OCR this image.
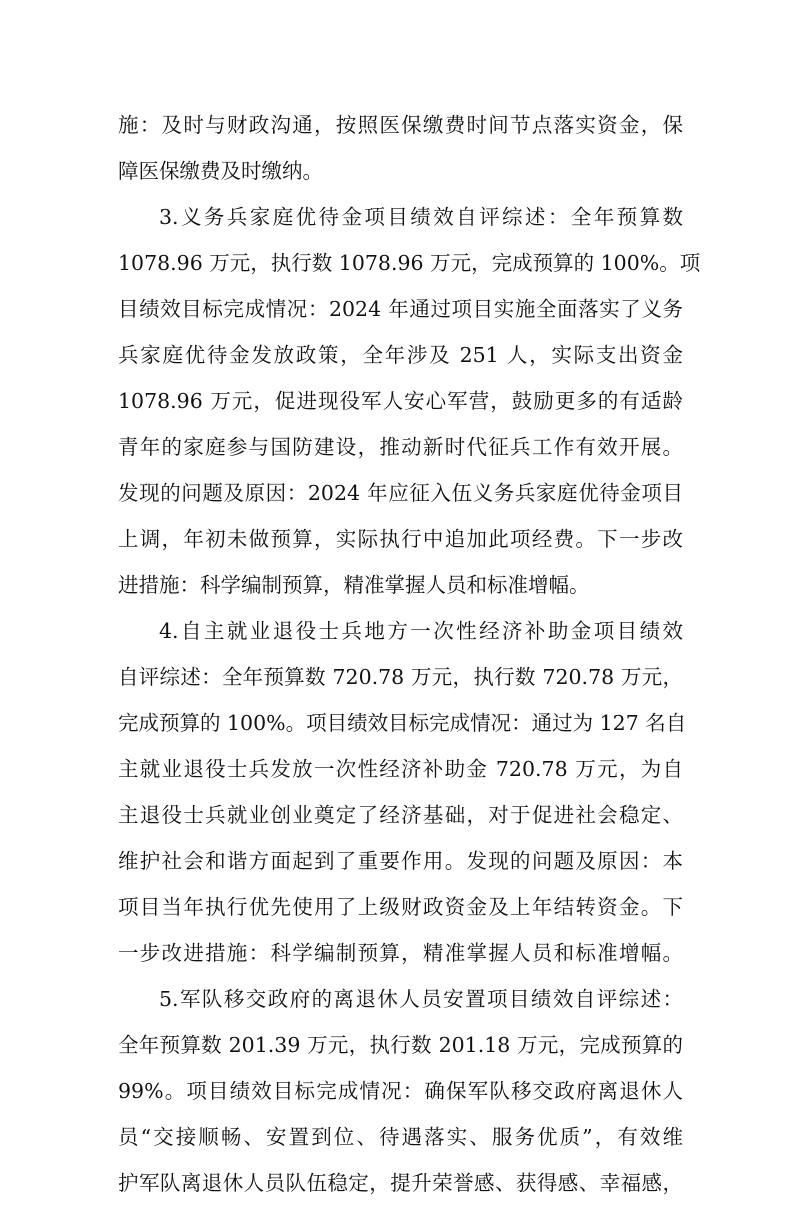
施：及时与财政沟通，按照医保缴费时间节点落实资金，保
障医保缴费及时缴纳。
3.义务兵家庭优待金项目绩效自评综述：全年预算数
1078.96 万元，执行数 1078.96 万元，完成预算的 100%。项
目绩效目标完成情况：2024 年通过项目实施全面落实了义务
兵家庭优待金发放政策，全年涉及 251 人，实际支出资金
1078.96 万元，促进现役军人安心军营，鼓励更多的有适龄
青年的家庭参与国防建设，推动新时代征兵工作有效开展。
发现的问题及原因：2024 年应征入伍义务兵家庭优待金项目
上调，年初未做预算，实际执行中追加此项经费。下一步改
进措施：科学编制预算，精准掌握人员和标准增幅。
4.自主就业退役士兵地方一次性经济补助金项目绩效
自评综述：全年预算数 720.78 万元，执行数 720.78 万元，
完成预算的 100%。项目绩效目标完成情况：通过为 127 名自
主就业退役士兵发放一次性经济补助金 720.78 万元，为自
主退役士兵就业创业奠定了经济基础，对于促进社会稳定、
维护社会和谐方面起到了重要作用。发现的问题及原因：本
项目当年执行优先使用了上级财政资金及上年结转资金。下
一步改进措施：科学编制预算，精准掌握人员和标准增幅。
5.军队移交政府的离退休人员安置项目绩效自评综述：
全年预算数 201.39 万元，执行数 201.18 万元，完成预算的
99%。项目绩效目标完成情况：确保军队移交政府离退休人
员“交接顺畅、安置到位、待遇落实、服务优质”，有效维
护军队离退休人员队伍稳定，提升荣誉感、获得感、幸福感，
